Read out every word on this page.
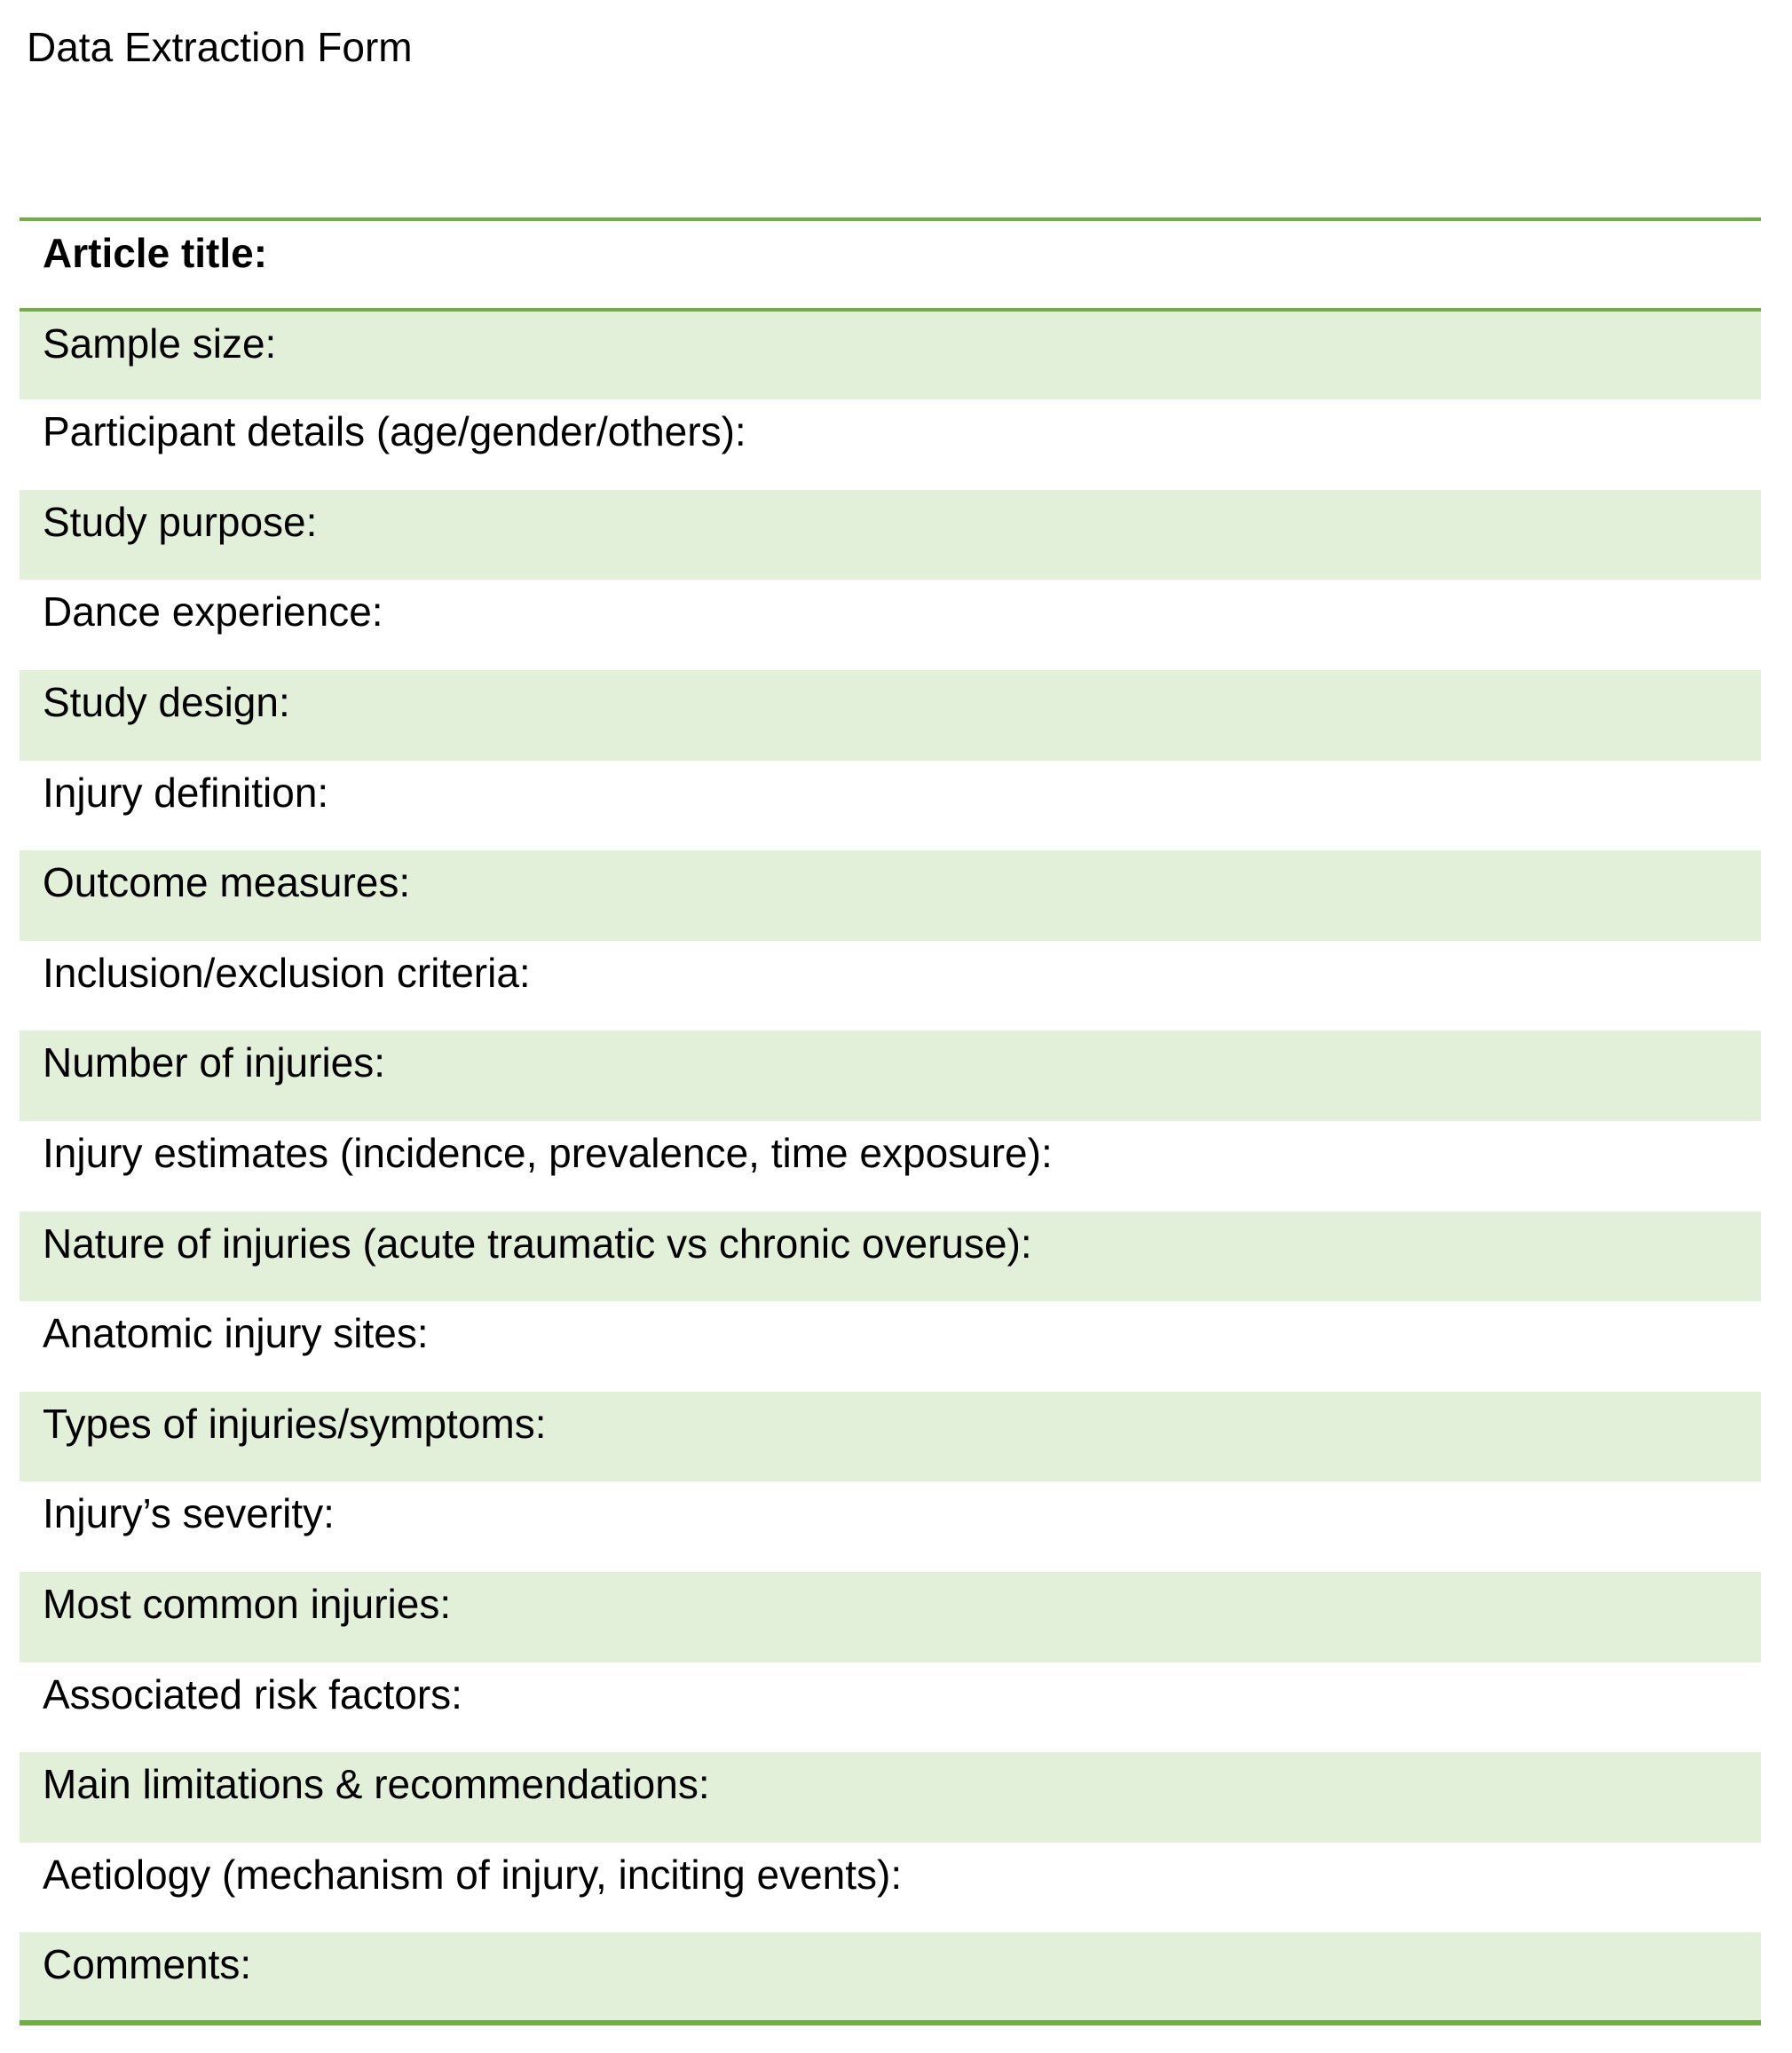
Data Extraction Form
Article title:
Sample size:
Participant details (age/gender/others):
Study purpose:
Dance experience:
Study design:
Injury definition:
Outcome measures:
Inclusion/exclusion criteria:
Number of injuries:
Injury estimates (incidence, prevalence, time exposure):
Nature of injuries (acute traumatic vs chronic overuse):
Anatomic injury sites:
Types of injuries/symptoms:
Injury’s severity:
Most common injuries:
Associated risk factors:
Main limitations & recommendations:
Aetiology (mechanism of injury, inciting events):
Comments:
